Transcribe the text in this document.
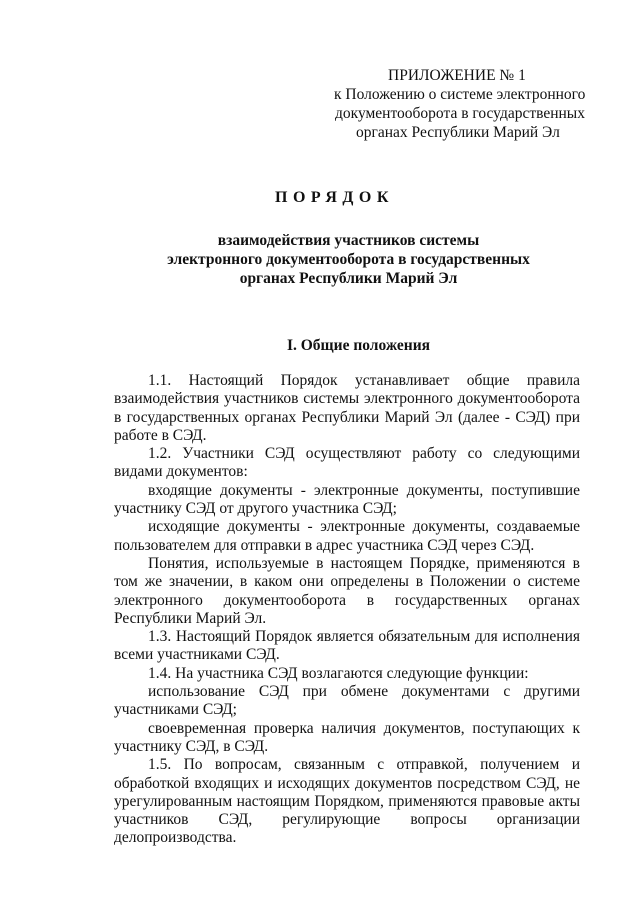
ПРИЛОЖЕНИЕ № 1
к Положению о системе электронного
документооборота в государственных
органах Республики Марий Эл
ПОРЯДОК
взаимодействия участников системы
электронного документооборота в государственных
органах Республики Марий Эл
I. Общие положения

1.1. Настоящий Порядок устанавливает общие правила взаимодействия участников системы электронного документооборота в государственных органах Республики Марий Эл (далее - СЭД) при работе в СЭД.

1.2. Участники СЭД осуществляют работу со следующими видами документов:

входящие документы - электронные документы, поступившие участнику СЭД от другого участника СЭД;

исходящие документы - электронные документы, создаваемые пользователем для отправки в адрес участника СЭД через СЭД.

Понятия, используемые в настоящем Порядке, применяются в том же значении, в каком они определены в Положении о системе электронного документооборота в государственных органах Республики Марий Эл.

1.3. Настоящий Порядок является обязательным для исполнения всеми участниками СЭД.

1.4. На участника СЭД возлагаются следующие функции:

использование СЭД при обмене документами с другими участниками СЭД;

своевременная проверка наличия документов, поступающих к участнику СЭД, в СЭД.

1.5. По вопросам, связанным с отправкой, получением и обработкой входящих и исходящих документов посредством СЭД, не урегулированным настоящим Порядком, применяются правовые акты участников СЭД, регулирующие вопросы организации делопроизводства.
